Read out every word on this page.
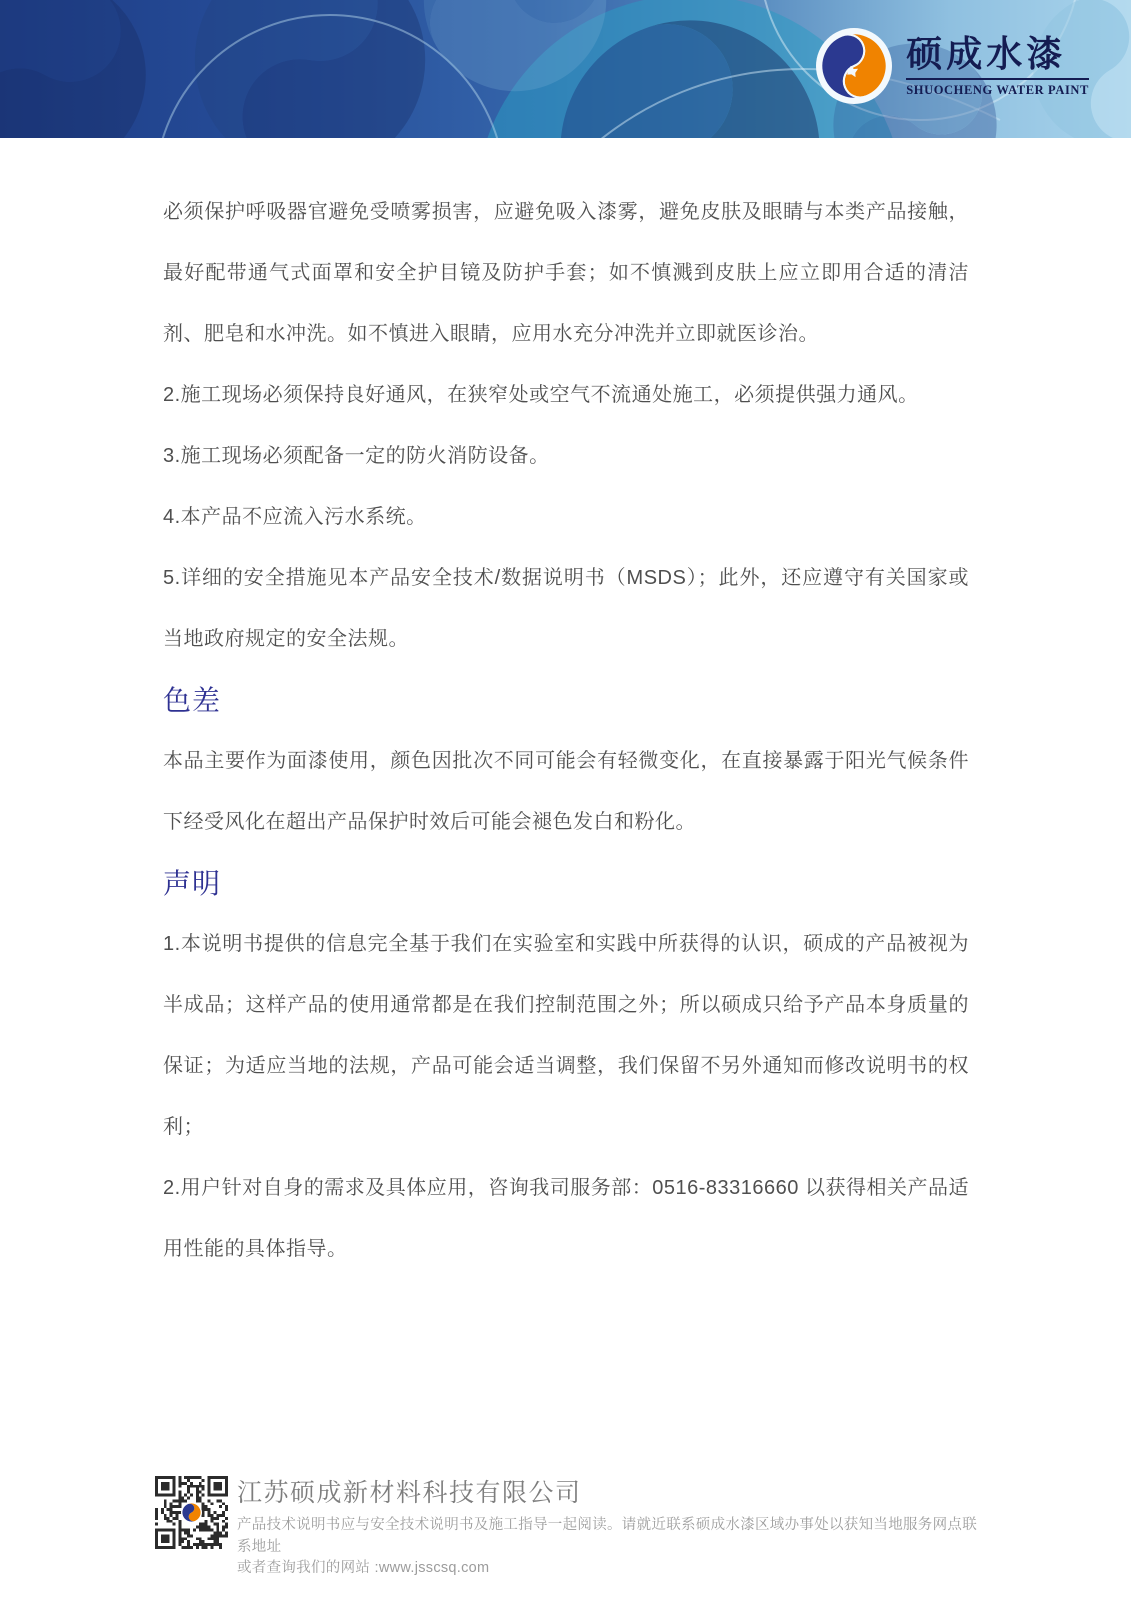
硕成水漆
SHUOCHENG WATER PAINT

必须保护呼吸器官避免受喷雾损害，应避免吸入漆雾，避免皮肤及眼睛与本类产品接触，最好配带通气式面罩和安全护目镜及防护手套；如不慎溅到皮肤上应立即用合适的清洁剂、肥皂和水冲洗。如不慎进入眼睛，应用水充分冲洗并立即就医诊治。

2.施工现场必须保持良好通风，在狭窄处或空气不流通处施工，必须提供强力通风。

3.施工现场必须配备一定的防火消防设备。

4.本产品不应流入污水系统。

5.详细的安全措施见本产品安全技术/数据说明书（MSDS）；此外，还应遵守有关国家或当地政府规定的安全法规。

色差

本品主要作为面漆使用，颜色因批次不同可能会有轻微变化，在直接暴露于阳光气候条件下经受风化在超出产品保护时效后可能会褪色发白和粉化。

声明

1.本说明书提供的信息完全基于我们在实验室和实践中所获得的认识，硕成的产品被视为半成品；这样产品的使用通常都是在我们控制范围之外；所以硕成只给予产品本身质量的保证；为适应当地的法规，产品可能会适当调整，我们保留不另外通知而修改说明书的权利；

2.用户针对自身的需求及具体应用，咨询我司服务部：0516-83316660 以获得相关产品适用性能的具体指导。

江苏硕成新材料科技有限公司
产品技术说明书应与安全技术说明书及施工指导一起阅读。请就近联系硕成水漆区域办事处以获知当地服务网点联系地址
或者查询我们的网站 :www.jsscsq.com
